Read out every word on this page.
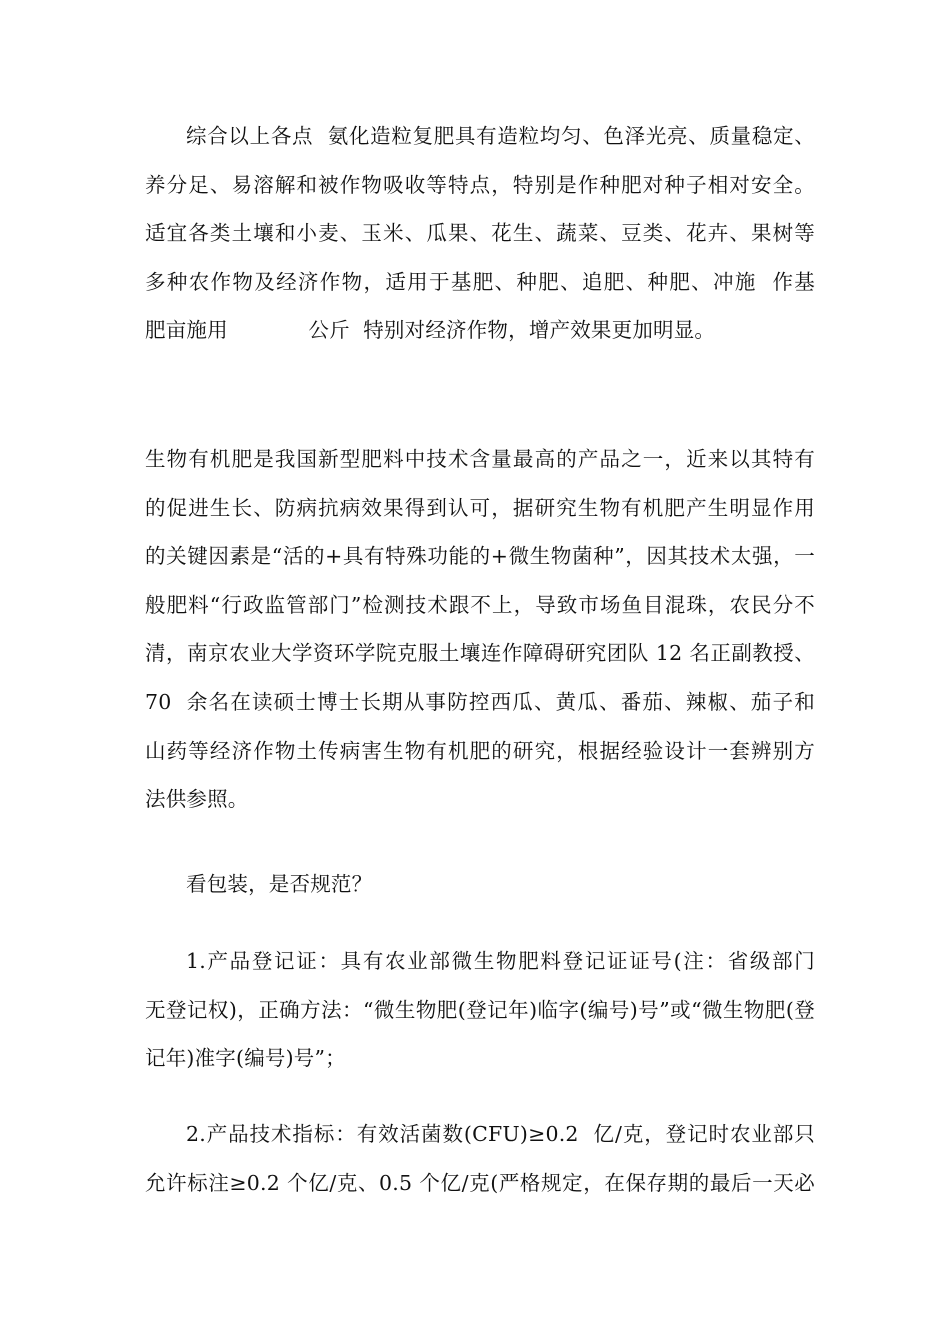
综合以上各点  氨化造粒复肥具有造粒均匀、色泽光亮、质量稳定、
养分足、易溶解和被作物吸收等特点，特别是作种肥对种子相对安全。
适宜各类土壤和小麦、玉米、瓜果、花生、蔬菜、豆类、花卉、果树等
多种农作物及经济作物，适用于基肥、种肥、追肥、种肥、冲施  作基
肥亩施用            公斤  特别对经济作物，增产效果更加明显。
生物有机肥是我国新型肥料中技术含量最高的产品之一，近来以其特有
的促进生长、防病抗病效果得到认可，据研究生物有机肥产生明显作用
的关键因素是“活的+具有特殊功能的+微生物菌种”，因其技术太强，一
般肥料“行政监管部门”检测技术跟不上，导致市场鱼目混珠，农民分不
清，南京农业大学资环学院克服土壤连作障碍研究团队 12 名正副教授、
70  余名在读硕士博士长期从事防控西瓜、黄瓜、番茄、辣椒、茄子和
山药等经济作物土传病害生物有机肥的研究，根据经验设计一套辨别方
法供参照。
看包装，是否规范？
1.产品登记证：具有农业部微生物肥料登记证证号(注：省级部门
无登记权)，正确方法：“微生物肥(登记年)临字(编号)号”或“微生物肥(登
记年)准字(编号)号”；
2.产品技术指标：有效活菌数(CFU)≥0.2  亿/克，登记时农业部只
允许标注≥0.2 个亿/克、0.5 个亿/克(严格规定，在保存期的最后一天必
